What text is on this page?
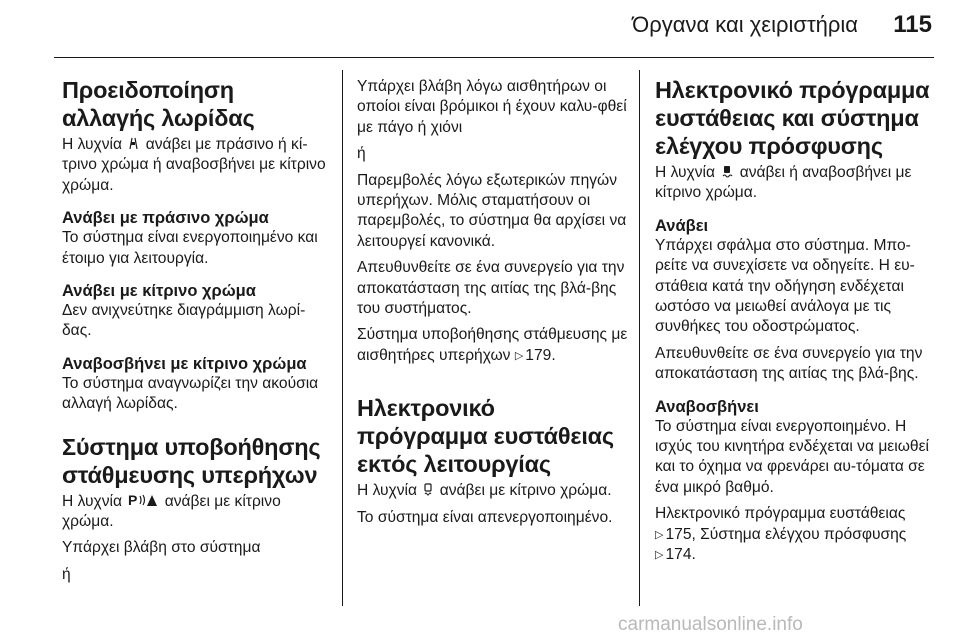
Όργανα και χειριστήρια	115
Προειδοποίηση αλλαγής λωρίδας

Η λυχνία ανάβει με πράσινο ή κί-τρινο χρώμα ή αναβοσβήνει με κίτρινο χρώμα.

Ανάβει με πράσινο χρώμα

Το σύστημα είναι ενεργοποιημένο και έτοιμο για λειτουργία.

Ανάβει με κίτρινο χρώμα

Δεν ανιχνεύτηκε διαγράμμιση λωρί-δας.

Αναβοσβήνει με κίτρινο χρώμα

Το σύστημα αναγνωρίζει την ακούσια αλλαγή λωρίδας.

Σύστημα υποβοήθησης στάθμευσης υπερήχων

Η λυχνία P ανάβει με κίτρινο χρώμα.

Υπάρχει βλάβη στο σύστημα

ή

Υπάρχει βλάβη λόγω αισθητήρων οι οποίοι είναι βρόμικοι ή έχουν καλυ-φθεί με πάγο ή χιόνι

ή

Παρεμβολές λόγω εξωτερικών πηγών υπερήχων. Μόλις σταματήσουν οι παρεμβολές, το σύστημα θα αρχίσει να λειτουργεί κανονικά.

Απευθυνθείτε σε ένα συνεργείο για την αποκατάσταση της αιτίας της βλά-βης του συστήματος.

Σύστημα υποβοήθησης στάθμευσης με αισθητήρες υπερήχων ▷ 179.

Ηλεκτρονικό πρόγραμμα ευστάθειας εκτός λειτουργίας

Η λυχνία ανάβει με κίτρινο χρώμα.

Το σύστημα είναι απενεργοποιημένο.

Ηλεκτρονικό πρόγραμμα ευστάθειας και σύστημα ελέγχου πρόσφυσης

Η λυχνία ανάβει ή αναβοσβήνει με κίτρινο χρώμα.

Ανάβει

Υπάρχει σφάλμα στο σύστημα. Μπο-ρείτε να συνεχίσετε να οδηγείτε. Η ευ-στάθεια κατά την οδήγηση ενδέχεται ωστόσο να μειωθεί ανάλογα με τις συνθήκες του οδοστρώματος.

Απευθυνθείτε σε ένα συνεργείο για την αποκατάσταση της αιτίας της βλά-βης.

Αναβοσβήνει

Το σύστημα είναι ενεργοποιημένο. Η ισχύς του κινητήρα ενδέχεται να μειωθεί και το όχημα να φρενάρει αυ-τόματα σε ένα μικρό βαθμό.

Ηλεκτρονικό πρόγραμμα ευστάθειας
▷ 175, Σύστημα ελέγχου πρόσφυσης
▷ 174.

carmanualsonline.info
